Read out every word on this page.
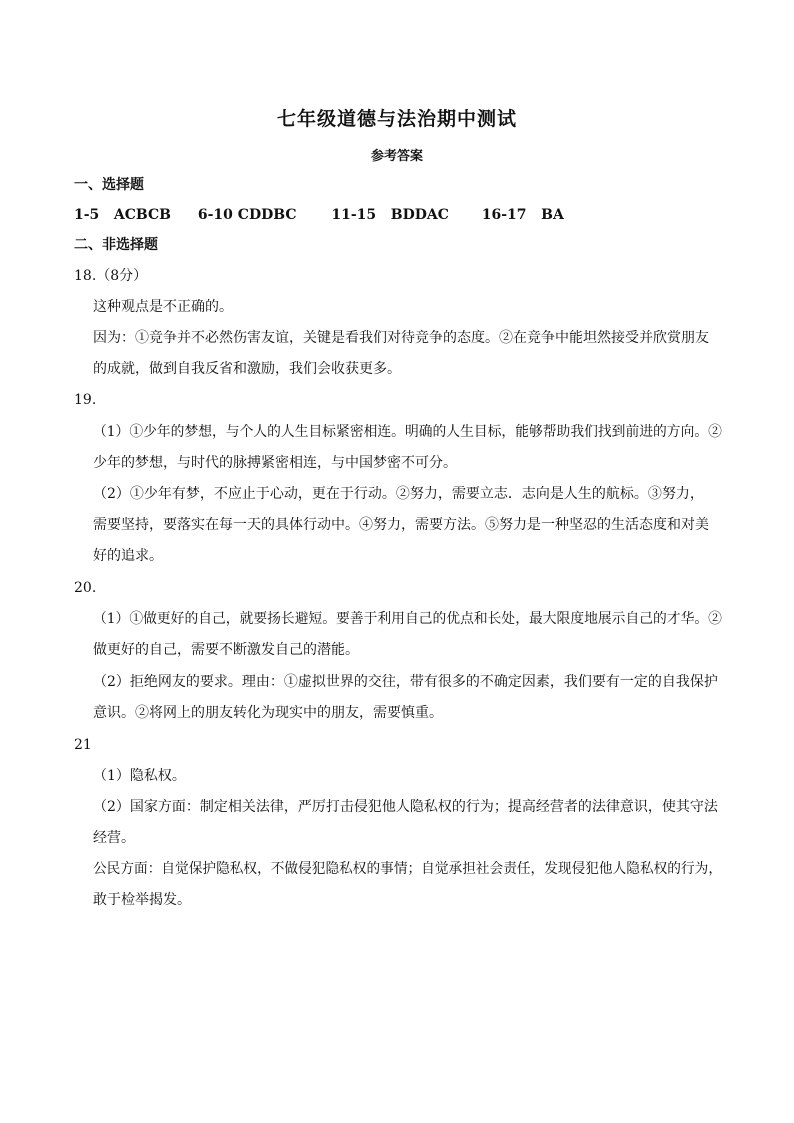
七年级道德与法治期中测试
参考答案
一、选择题
1-5 ACBCB 6-10 CDDBC 11-15 BDDAC 16-17 BA
二、非选择题
18.（8分）
这种观点是不正确的。
因为：①竞争并不必然伤害友谊，关键是看我们对待竞争的态度。②在竞争中能坦然接受并欣赏朋友
的成就，做到自我反省和激励，我们会收获更多。
19.
（1）①少年的梦想，与个人的人生目标紧密相连。明确的人生目标，能够帮助我们找到前进的方向。②
少年的梦想，与时代的脉搏紧密相连，与中国梦密不可分。
（2）①少年有梦，不应止于心动，更在于行动。②努力，需要立志．志向是人生的航标。③努力，
需要坚持，要落实在每一天的具体行动中。④努力，需要方法。⑤努力是一种坚忍的生活态度和对美
好的追求。
20.
（1）①做更好的自己，就要扬长避短。要善于利用自己的优点和长处，最大限度地展示自己的才华。②
做更好的自己，需要不断激发自己的潜能。
（2）拒绝网友的要求。理由：①虚拟世界的交往，带有很多的不确定因素，我们要有一定的自我保护
意识。②将网上的朋友转化为现实中的朋友，需要慎重。
21
（1）隐私权。
（2）国家方面：制定相关法律，严厉打击侵犯他人隐私权的行为；提高经营者的法律意识，使其守法
经营。
公民方面：自觉保护隐私权，不做侵犯隐私权的事情；自觉承担社会责任，发现侵犯他人隐私权的行为，
敢于检举揭发。
